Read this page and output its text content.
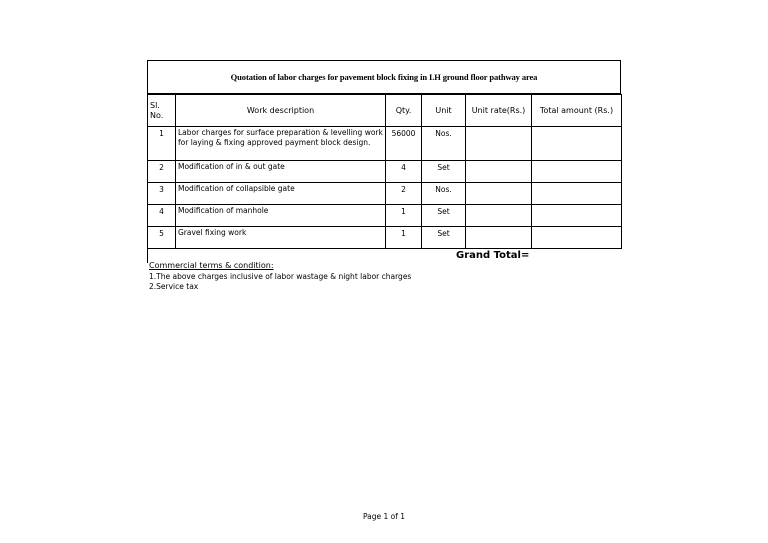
Quotation of labor charges for pavement block fixing in I.H ground floor pathway area
Sl. No.	Work description	Qty.	Unit	Unit rate(Rs.)	Total amount (Rs.)
1	Labor charges for surface preparation & levelling work for laying & fixing approved payment block design.	56000	Nos.		
2	Modification of in & out gate	4	Set		
3	Modification of collapsible gate	2	Nos.		
4	Modification of manhole	1	Set		
5	Gravel fixing work	1	Set		
Grand Total=
Commercial terms & condition:
1.The above charges inclusive of labor wastage & night labor charges
2.Service tax
Page 1 of 1
